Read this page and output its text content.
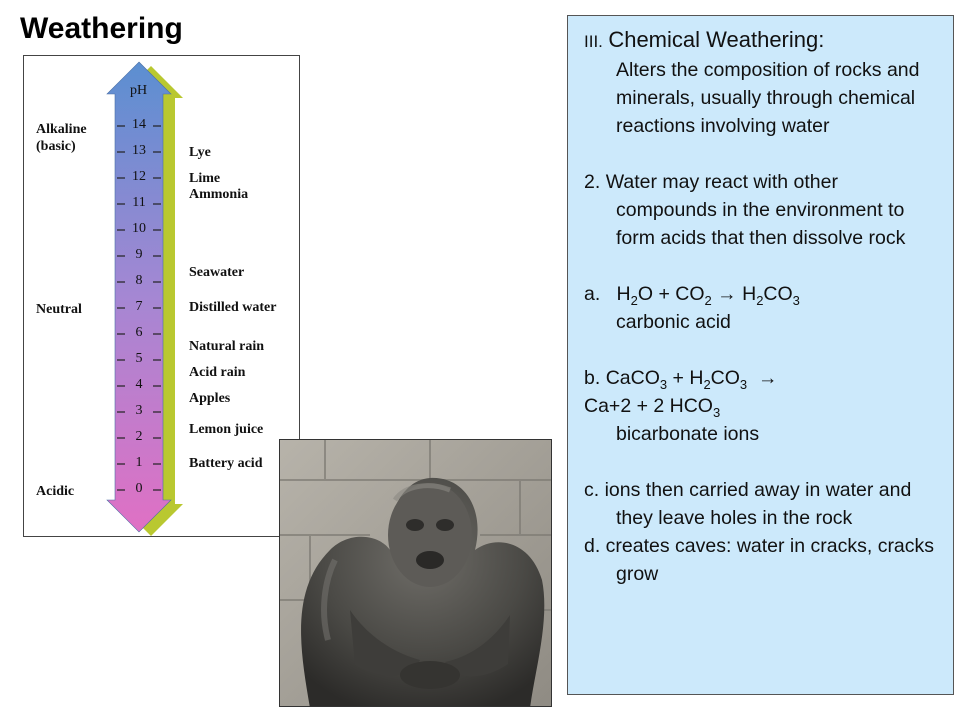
Weathering
pH
14
13
12
11
10
9
8
7
6
5
4
3
2
1
0
Alkaline
(basic)
Neutral
Acidic
Lye
Lime
Ammonia
Seawater
Distilled water
Natural rain
Acid rain
Apples
Lemon juice
Battery acid

III. Chemical Weathering:

Alters the composition of rocks and minerals, usually through chemical reactions involving water

2. Water may react with other

compounds in the environment to form acids that then dissolve rock

a. $H_2O + CO_2 \to H_2CO_3$

carbonic acid

b. CaCO$_3$ + $H_2CO_3$  →

Ca+2 + 2 $HCO_3$

bicarbonate ions

c. ions then carried away in water and they leave holes in the rock

d. creates caves: water in cracks, cracks grow
